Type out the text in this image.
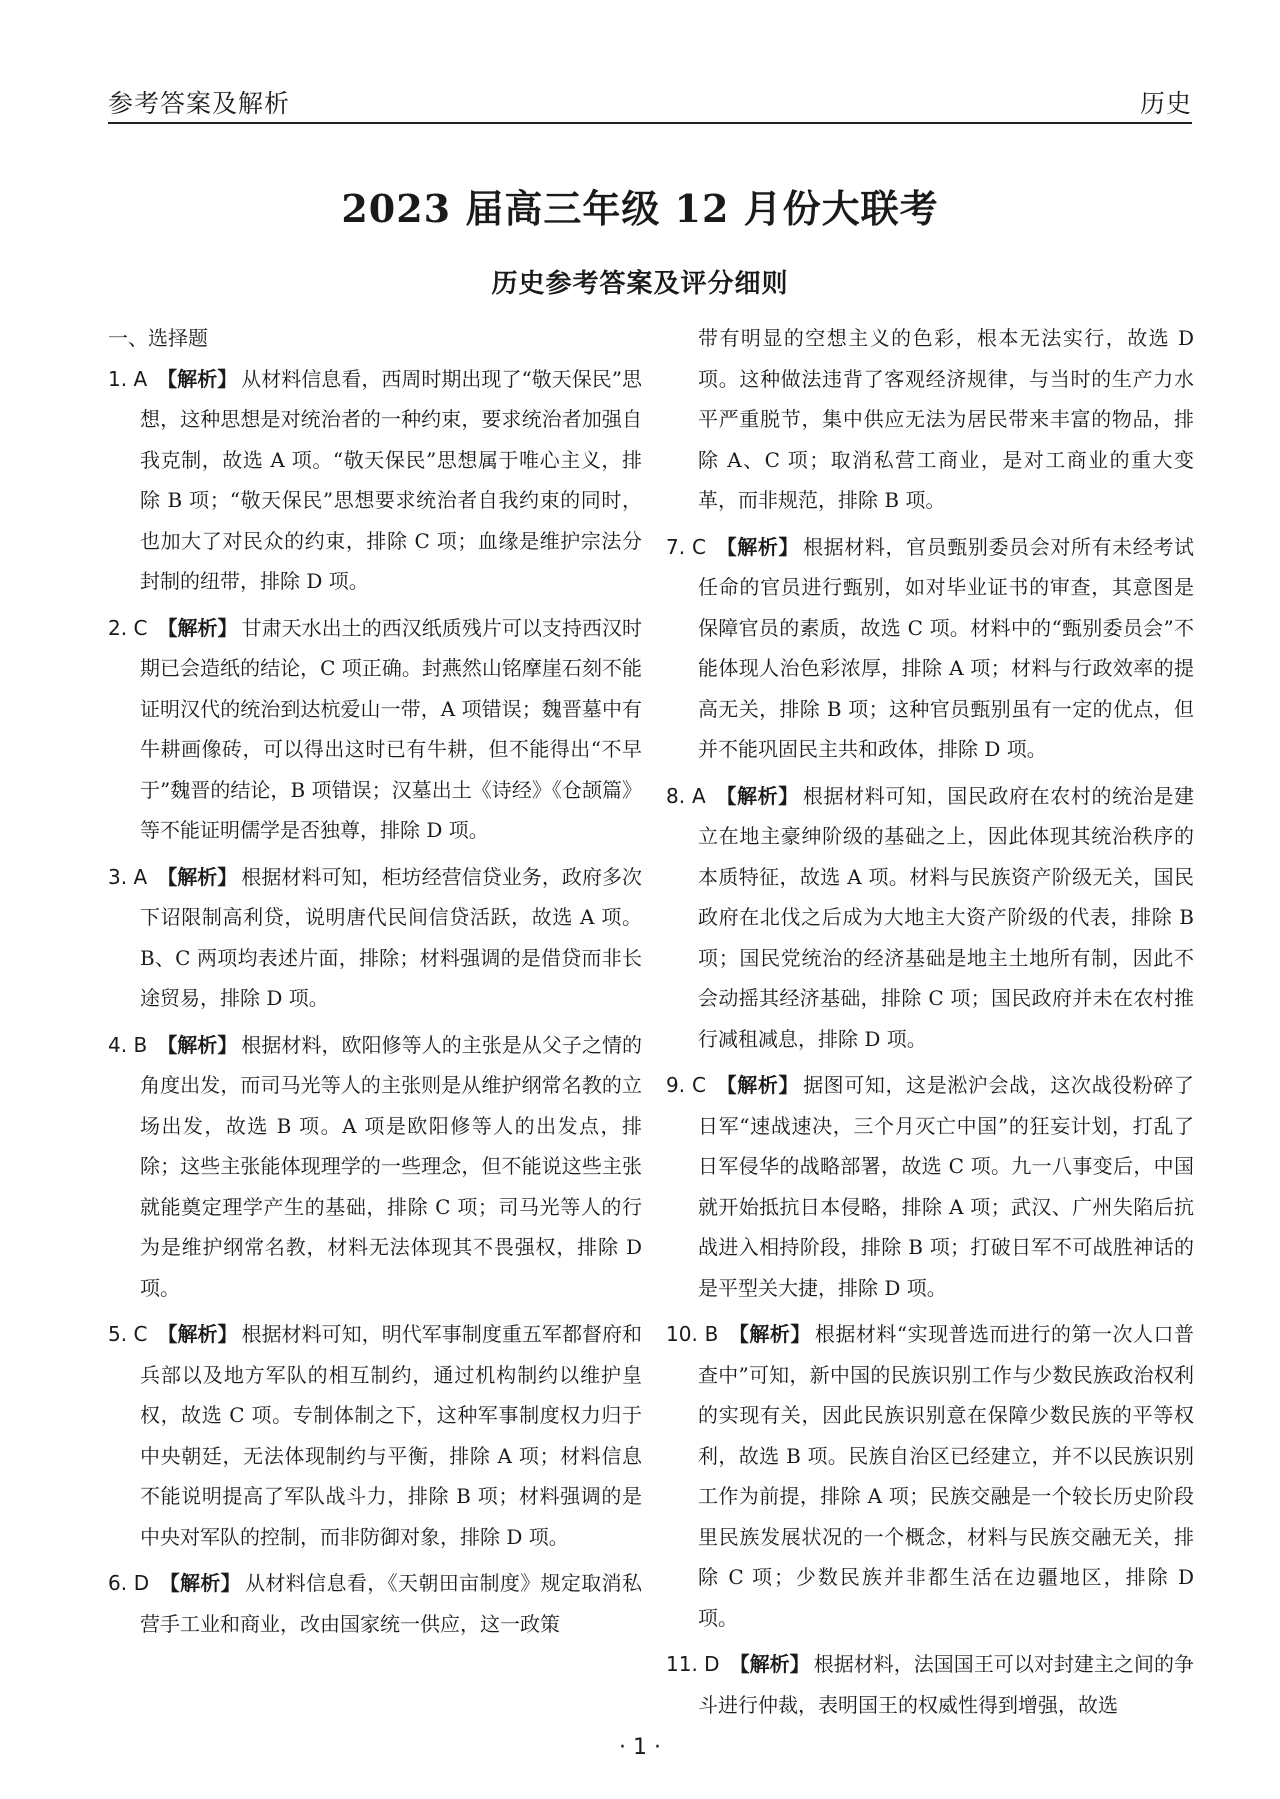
参考答案及解析	历史
2023 届高三年级 12 月份大联考
历史参考答案及评分细则
一、选择题
1. A 【解析】 从材料信息看，西周时期出现了“敬天保民”思想，这种思想是对统治者的一种约束，要求统治者加强自我克制，故选 A 项。“敬天保民”思想属于唯心主义，排除 B 项；“敬天保民”思想要求统治者自我约束的同时，也加大了对民众的约束，排除 C 项；血缘是维护宗法分封制的纽带，排除 D 项。
2. C 【解析】 甘肃天水出土的西汉纸质残片可以支持西汉时期已会造纸的结论，C 项正确。封燕然山铭摩崖石刻不能证明汉代的统治到达杭爱山一带，A 项错误；魏晋墓中有牛耕画像砖，可以得出这时已有牛耕，但不能得出“不早于”魏晋的结论，B 项错误；汉墓出土《诗经》《仓颉篇》等不能证明儒学是否独尊，排除 D 项。
3. A 【解析】 根据材料可知，柜坊经营信贷业务，政府多次下诏限制高利贷，说明唐代民间信贷活跃，故选 A 项。B、C 两项均表述片面，排除；材料强调的是借贷而非长途贸易，排除 D 项。
4. B 【解析】 根据材料，欧阳修等人的主张是从父子之情的角度出发，而司马光等人的主张则是从维护纲常名教的立场出发，故选 B 项。A 项是欧阳修等人的出发点，排除；这些主张能体现理学的一些理念，但不能说这些主张就能奠定理学产生的基础，排除 C 项；司马光等人的行为是维护纲常名教，材料无法体现其不畏强权，排除 D 项。
5. C 【解析】 根据材料可知，明代军事制度重五军都督府和兵部以及地方军队的相互制约，通过机构制约以维护皇权，故选 C 项。专制体制之下，这种军事制度权力归于中央朝廷，无法体现制约与平衡，排除 A 项；材料信息不能说明提高了军队战斗力，排除 B 项；材料强调的是中央对军队的控制，而非防御对象，排除 D 项。
6. D 【解析】 从材料信息看，《天朝田亩制度》规定取消私营手工业和商业，改由国家统一供应，这一政策
带有明显的空想主义的色彩，根本无法实行，故选 D 项。这种做法违背了客观经济规律，与当时的生产力水平严重脱节，集中供应无法为居民带来丰富的物品，排除 A、C 项；取消私营工商业，是对工商业的重大变革，而非规范，排除 B 项。
7. C 【解析】 根据材料，官员甄别委员会对所有未经考试任命的官员进行甄别，如对毕业证书的审查，其意图是保障官员的素质，故选 C 项。材料中的“甄别委员会”不能体现人治色彩浓厚，排除 A 项；材料与行政效率的提高无关，排除 B 项；这种官员甄别虽有一定的优点，但并不能巩固民主共和政体，排除 D 项。
8. A 【解析】 根据材料可知，国民政府在农村的统治是建立在地主豪绅阶级的基础之上，因此体现其统治秩序的本质特征，故选 A 项。材料与民族资产阶级无关，国民政府在北伐之后成为大地主大资产阶级的代表，排除 B 项；国民党统治的经济基础是地主土地所有制，因此不会动摇其经济基础，排除 C 项；国民政府并未在农村推行减租减息，排除 D 项。
9. C 【解析】 据图可知，这是淞沪会战，这次战役粉碎了日军“速战速决，三个月灭亡中国”的狂妄计划，打乱了日军侵华的战略部署，故选 C 项。九一八事变后，中国就开始抵抗日本侵略，排除 A 项；武汉、广州失陷后抗战进入相持阶段，排除 B 项；打破日军不可战胜神话的是平型关大捷，排除 D 项。
10. B 【解析】 根据材料“实现普选而进行的第一次人口普查中”可知，新中国的民族识别工作与少数民族政治权利的实现有关，因此民族识别意在保障少数民族的平等权利，故选 B 项。民族自治区已经建立，并不以民族识别工作为前提，排除 A 项；民族交融是一个较长历史阶段里民族发展状况的一个概念，材料与民族交融无关，排除 C 项；少数民族并非都生活在边疆地区，排除 D 项。
11. D 【解析】 根据材料，法国国王可以对封建主之间的争斗进行仲裁，表明国王的权威性得到增强，故选
· 1 ·
